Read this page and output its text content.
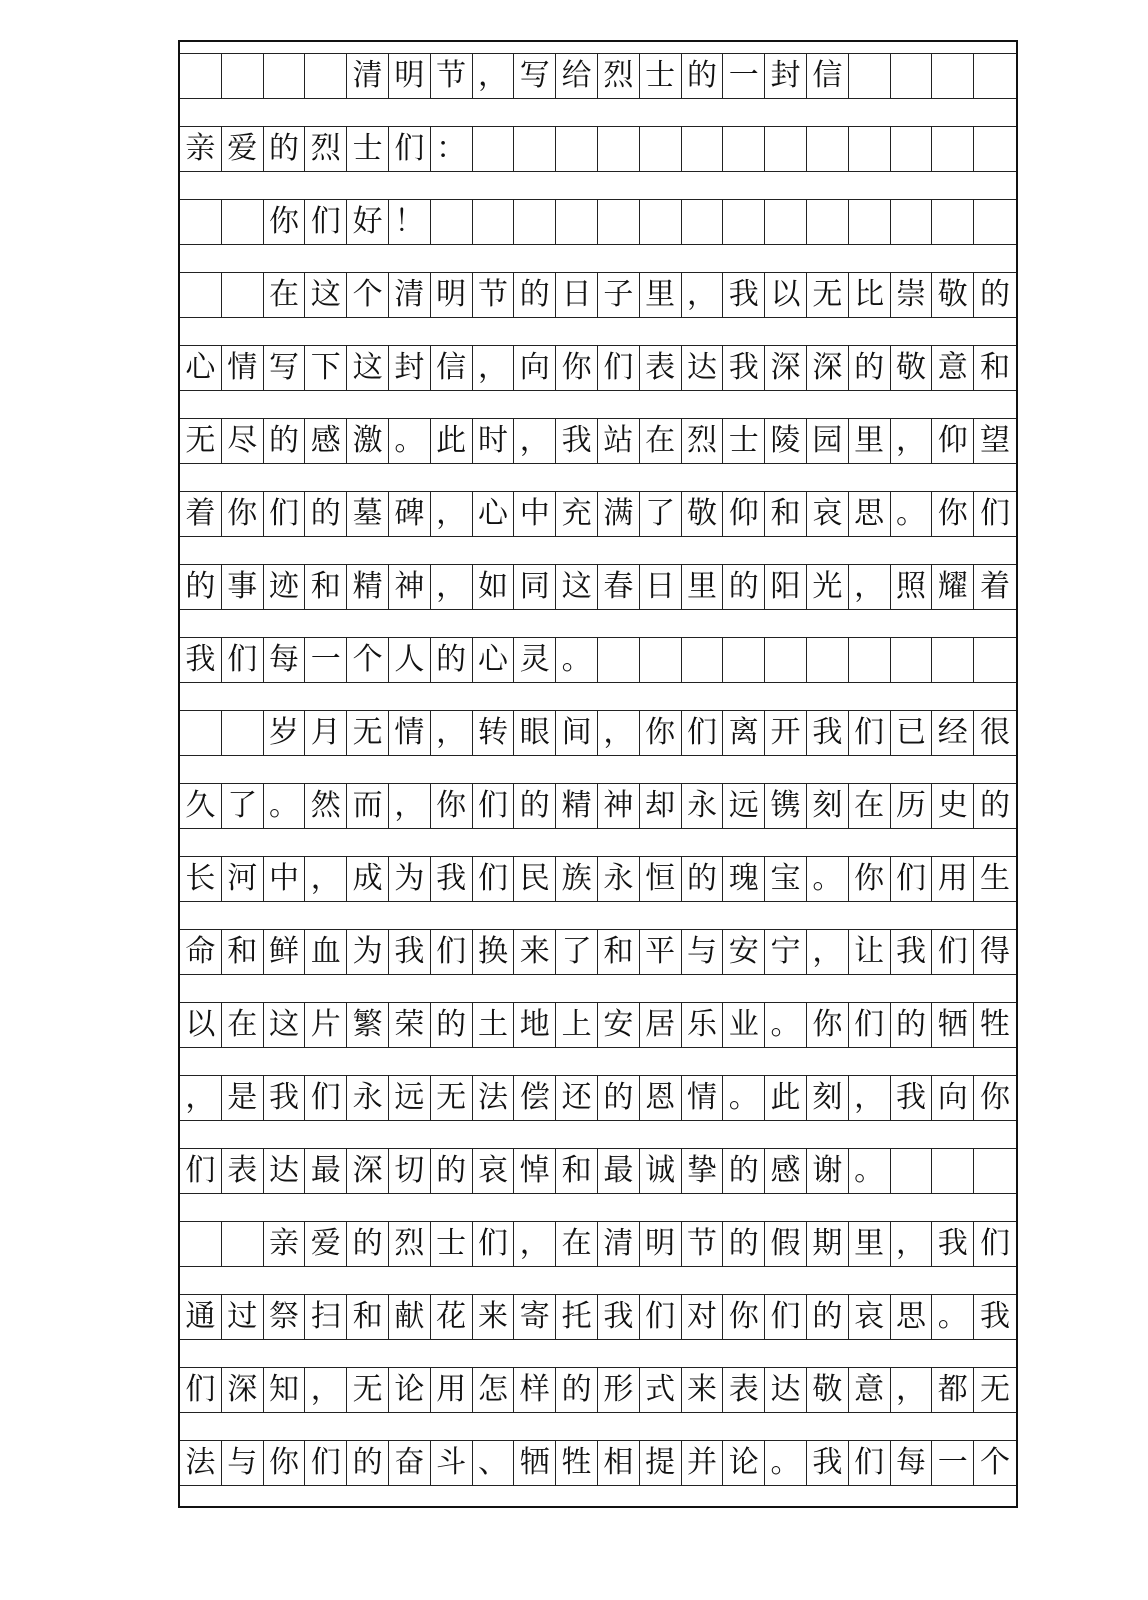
清 明 节 ， 写 给 烈 士 的 一 封 信
亲 爱 的 烈 士 们 ：
你 们 好 ！
在 这 个 清 明 节 的 日 子 里 ， 我 以 无 比 崇 敬 的
心 情 写 下 这 封 信 ， 向 你 们 表 达 我 深 深 的 敬 意 和
无 尽 的 感 激 。 此 时 ， 我 站 在 烈 士 陵 园 里 ， 仰 望
着 你 们 的 墓 碑 ， 心 中 充 满 了 敬 仰 和 哀 思 。 你 们
的 事 迹 和 精 神 ， 如 同 这 春 日 里 的 阳 光 ， 照 耀 着
我 们 每 一 个 人 的 心 灵 。
岁 月 无 情 ， 转 眼 间 ， 你 们 离 开 我 们 已 经 很
久 了 。 然 而 ， 你 们 的 精 神 却 永 远 镌 刻 在 历 史 的
长 河 中 ， 成 为 我 们 民 族 永 恒 的 瑰 宝 。 你 们 用 生
命 和 鲜 血 为 我 们 换 来 了 和 平 与 安 宁 ， 让 我 们 得
以 在 这 片 繁 荣 的 土 地 上 安 居 乐 业 。 你 们 的 牺 牲
， 是 我 们 永 远 无 法 偿 还 的 恩 情 。 此 刻 ， 我 向 你
们 表 达 最 深 切 的 哀 悼 和 最 诚 挚 的 感 谢 。
亲 爱 的 烈 士 们 ， 在 清 明 节 的 假 期 里 ， 我 们
通 过 祭 扫 和 献 花 来 寄 托 我 们 对 你 们 的 哀 思 。 我
们 深 知 ， 无 论 用 怎 样 的 形 式 来 表 达 敬 意 ， 都 无
法 与 你 们 的 奋 斗 、 牺 牲 相 提 并 论 。 我 们 每 一 个
